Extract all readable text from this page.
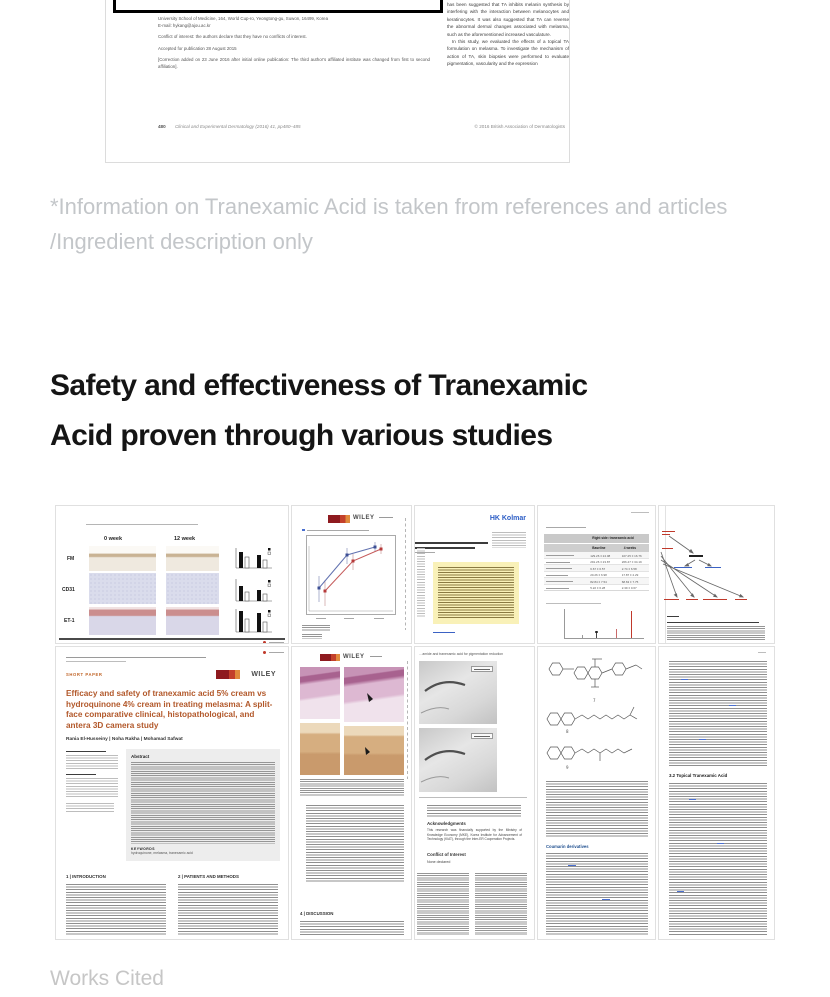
University School of Medicine, 164, World Cup-ro, Yeongtong-gu, Suwon, 16499, Korea
E-mail: hykang@ajou.ac.kr

Conflict of interest: the authors declare that they have no conflicts of interest.

Accepted for publication 28 August 2015

[Correction added on 23 June 2016 after initial online publication: The third author's affiliated institute was changed from first to second affiliation].

has been suggested that TA inhibits melanin synthesis by interfering with the interaction between melanocytes and keratinocytes. It was also suggested that TA can reverse the abnormal dermal changes associated with melasma, such as the aforementioned increased vasculature.

In this study, we evaluated the effects of a topical TA formulation on melasma. To investigate the mechanism of action of TA, skin biopsies were performed to evaluate pigmentation, vascularity and the expression

480 Clinical and Experimental Dermatology (2016) 41, pp480–485	© 2016 British Association of Dermatologists
*Information on Tranexamic Acid is taken from references and articles
/Ingredient description only
Safety and effectiveness of Tranexamic
Acid proven through various studies
0 week	12 week
FM
CD31
ET-1
WILEY	HK Kolmar
Right side: tranexamic acid
Baseline	4 weeks
129.26 ± 24.08	107.25 ± 16.76
291.26 ± 23.87	266.47 ± 34.19
6.67 ± 6.57	2.74 ± 6.58
20.26 ± 6.98	17.87 ± 2.29
82.84 ± 7.54	68.63 ± 7.75
5.22 ± 6.28	2.39 ± 0.67
SHORT PAPER	WILEY
Efficacy and safety of tranexamic acid 5% cream vs hydroquinone 4% cream in treating melasma: A split-face comparative clinical, histopathological, and antera 3D camera study
Rania El-Husseiny | Noha Rakha | Mohamad Safwat
Abstract
KEYWORDS
hydroquinone, melasma, tranexamic acid
1 | INTRODUCTION	2 | PATIENTS AND METHODS
WILEY
4 | DISCUSSION
…amide and tranexamic acid for pigmentation reduction
Acknowledgments
This research was financially supported by the Ministry of Knowledge Economy (MKE), Korea Institute for Advancement of Technology (KIAT), through the Inter-ER Cooperation Projects.
Conflict of Interest
None declared
7
8
9
Coumarin derivatives
3.2 Topical Tranexamic Acid
Works Cited
